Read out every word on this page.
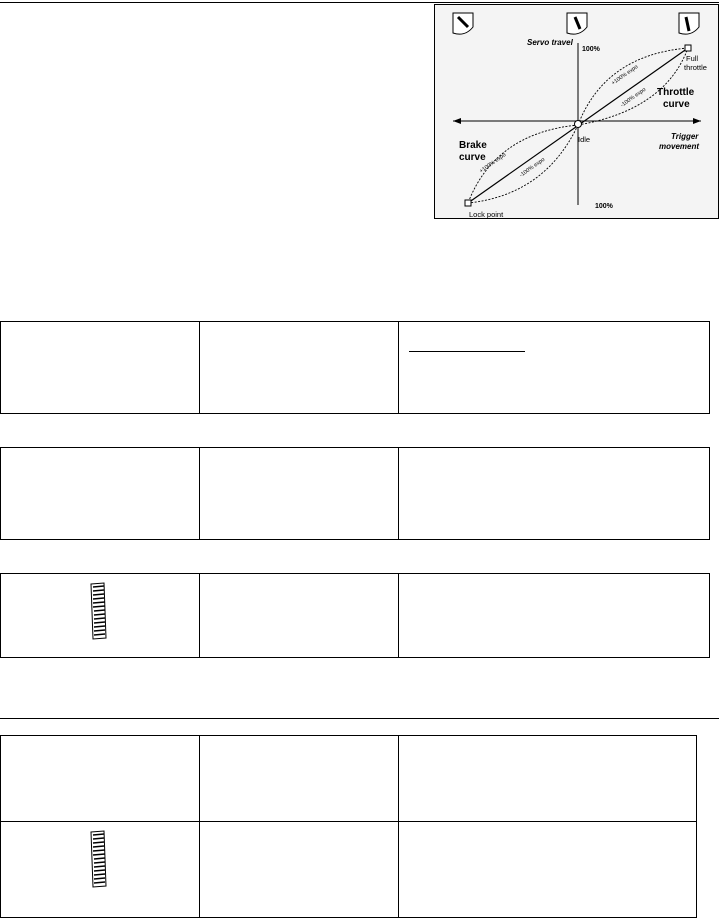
Servo travel
100%
100%
Full
throttle
Throttle
curve
Brake
curve
Idle	Trigger
movement
Lock point
+100% expo
-100% expo
+100% expo -100% expo
